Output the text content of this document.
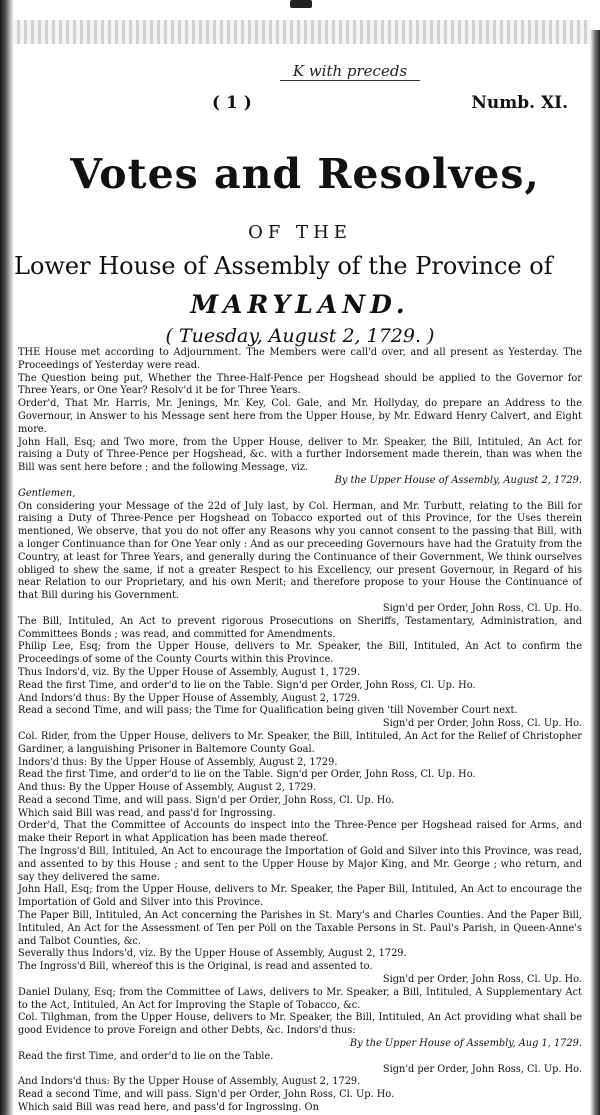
K with preceds
( 1 )	Numb. XI.
Votes and Resolves,
OF THE
Lower House of Assembly of the Province of
MARYLAND.
( Tuesday, August 2, 1729. )

THE House met according to Adjournment. The Members were call'd over, and all present as Yesterday. The Proceedings of Yesterday were read.

The Question being put, Whether the Three-Half-Pence per Hogshead should be applied to the Governor for Three Years, or One Year? Resolv'd it be for Three Years.

Order'd, That Mr. Harris, Mr. Jenings, Mr. Key, Col. Gale, and Mr. Hollyday, do prepare an Address to the Governour, in Answer to his Message sent here from the Upper House, by Mr. Edward Henry Calvert, and Eight more.

John Hall, Esq; and Two more, from the Upper House, deliver to Mr. Speaker, the Bill, Intituled, An Act for raising a Duty of Three-Pence per Hogshead, &c. with a further Indorsement made therein, than was when the Bill was sent here before ; and the following Message, viz.

By the Upper House of Assembly, August 2, 1729.

Gentlemen,

On considering your Message of the 22d of July last, by Col. Herman, and Mr. Turbutt, relating to the Bill for raising a Duty of Three-Pence per Hogshead on Tobacco exported out of this Province, for the Uses therein mentioned, We observe, that you do not offer any Reasons why you cannot consent to the passing that Bill, with a longer Continuance than for One Year only : And as our preceeding Governours have had the Gratuity from the Country, at least for Three Years, and generally during the Continuance of their Government, We think ourselves obliged to shew the same, if not a greater Respect to his Excellency, our present Governour, in Regard of his near Relation to our Proprietary, and his own Merit; and therefore propose to your House the Continuance of that Bill during his Government.

Sign'd per Order, John Ross, Cl. Up. Ho.

The Bill, Intituled, An Act to prevent rigorous Prosecutions on Sheriffs, Testamentary, Administration, and Committees Bonds ; was read, and committed for Amendments.

Philip Lee, Esq; from the Upper House, delivers to Mr. Speaker, the Bill, Intituled, An Act to confirm the Proceedings of some of the County Courts within this Province.

Thus Indors'd, viz. By the Upper House of Assembly, August 1, 1729.

Read the first Time, and order'd to lie on the Table. Sign'd per Order, John Ross, Cl. Up. Ho.

And Indors'd thus: By the Upper House of Assembly, August 2, 1729.

Read a second Time, and will pass; the Time for Qualification being given 'till November Court next.

Sign'd per Order, John Ross, Cl. Up. Ho.

Col. Rider, from the Upper House, delivers to Mr. Speaker, the Bill, Intituled, An Act for the Relief of Christopher Gardiner, a languishing Prisoner in Baltemore County Goal.

Indors'd thus: By the Upper House of Assembly, August 2, 1729.

Read the first Time, and order'd to lie on the Table. Sign'd per Order, John Ross, Cl. Up. Ho.

And thus: By the Upper House of Assembly, August 2, 1729.

Read a second Time, and will pass. Sign'd per Order, John Ross, Cl. Up. Ho.

Which said Bill was read, and pass'd for Ingrossing.

Order'd, That the Committee of Accounts do inspect into the Three-Pence per Hogshead raised for Arms, and make their Report in what Application has been made thereof.

The Ingross'd Bill, Intituled, An Act to encourage the Importation of Gold and Silver into this Province, was read, and assented to by this House ; and sent to the Upper House by Major King, and Mr. George ; who return, and say they delivered the same.

John Hall, Esq; from the Upper House, delivers to Mr. Speaker, the Paper Bill, Intituled, An Act to encourage the Importation of Gold and Silver into this Province.

The Paper Bill, Intituled, An Act concerning the Parishes in St. Mary's and Charles Counties. And the Paper Bill, Intituled, An Act for the Assessment of Ten per Poll on the Taxable Persons in St. Paul's Parish, in Queen-Anne's and Talbot Counties, &c.

Severally thus Indors'd, viz. By the Upper House of Assembly, August 2, 1729.

The Ingross'd Bill, whereof this is the Original, is read and assented to.

Sign'd per Order, John Ross, Cl. Up. Ho.

Daniel Dulany, Esq; from the Committee of Laws, delivers to Mr. Speaker, a Bill, Intituled, A Supplementary Act to the Act, Intituled, An Act for Improving the Staple of Tobacco, &c.

Col. Tilghman, from the Upper House, delivers to Mr. Speaker, the Bill, Intituled, An Act providing what shall be good Evidence to prove Foreign and other Debts, &c. Indors'd thus:

By the Upper House of Assembly, Aug 1, 1729.

Read the first Time, and order'd to lie on the Table.

Sign'd per Order, John Ross, Cl. Up. Ho.

And Indors'd thus: By the Upper House of Assembly, August 2, 1729.

Read a second Time, and will pass. Sign'd per Order, John Ross, Cl. Up. Ho.

Which said Bill was read here, and pass'd for Ingrossing. On
